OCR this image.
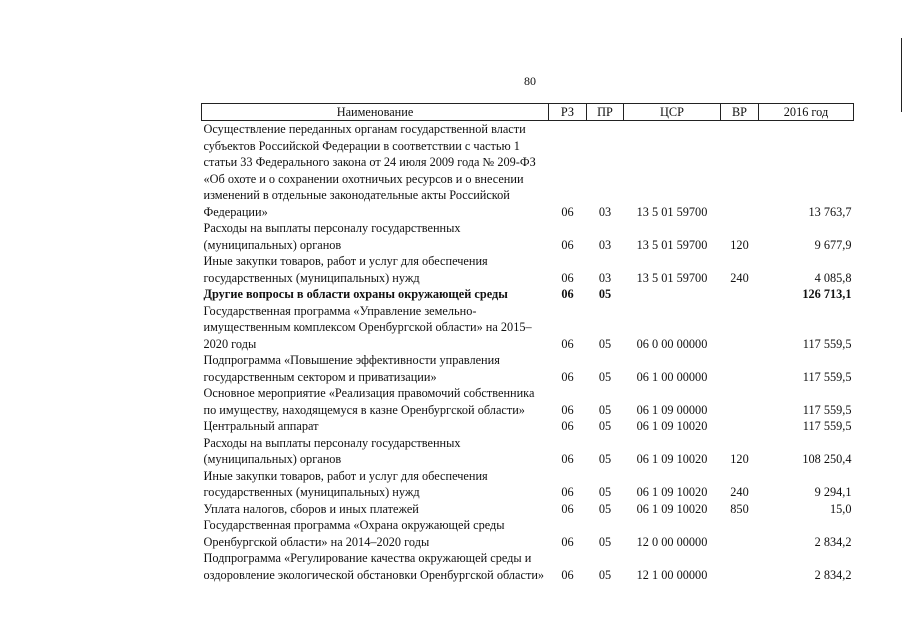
80
Наименование	РЗ	ПР	ЦСР	ВР	2016 год
Осуществление переданных органам государственной власти субъектов Российской Федерации в соответствии с частью 1 статьи 33 Федерального закона от 24 июля 2009 года № 209-ФЗ «Об охоте и о сохранении охотничьих ресурсов и о внесении изменений в отдельные законодательные акты Российской Федерации»	06	03	13 5 01 59700		13 763,7
Расходы на выплаты персоналу государственных (муниципальных) органов	06	03	13 5 01 59700	120	9 677,9
Иные закупки товаров, работ и услуг для обеспечения государственных (муниципальных) нужд	06	03	13 5 01 59700	240	4 085,8
Другие вопросы в области охраны окружающей среды	06	05			126 713,1
Государственная программа «Управление земельно-имущественным комплексом Оренбургской области» на 2015–2020 годы	06	05	06 0 00 00000		117 559,5
Подпрограмма «Повышение эффективности управления государственным сектором и приватизации»	06	05	06 1 00 00000		117 559,5
Основное мероприятие «Реализация правомочий собственника по имуществу, находящемуся в казне Оренбургской области»	06	05	06 1 09 00000		117 559,5
Центральный аппарат	06	05	06 1 09 10020		117 559,5
Расходы на выплаты персоналу государственных (муниципальных) органов	06	05	06 1 09 10020	120	108 250,4
Иные закупки товаров, работ и услуг для обеспечения государственных (муниципальных) нужд	06	05	06 1 09 10020	240	9 294,1
Уплата налогов, сборов и иных платежей	06	05	06 1 09 10020	850	15,0
Государственная программа «Охрана окружающей среды Оренбургской области» на 2014–2020 годы	06	05	12 0 00 00000		2 834,2
Подпрограмма «Регулирование качества окружающей среды и оздоровление экологической обстановки Оренбургской области»	06	05	12 1 00 00000		2 834,2
